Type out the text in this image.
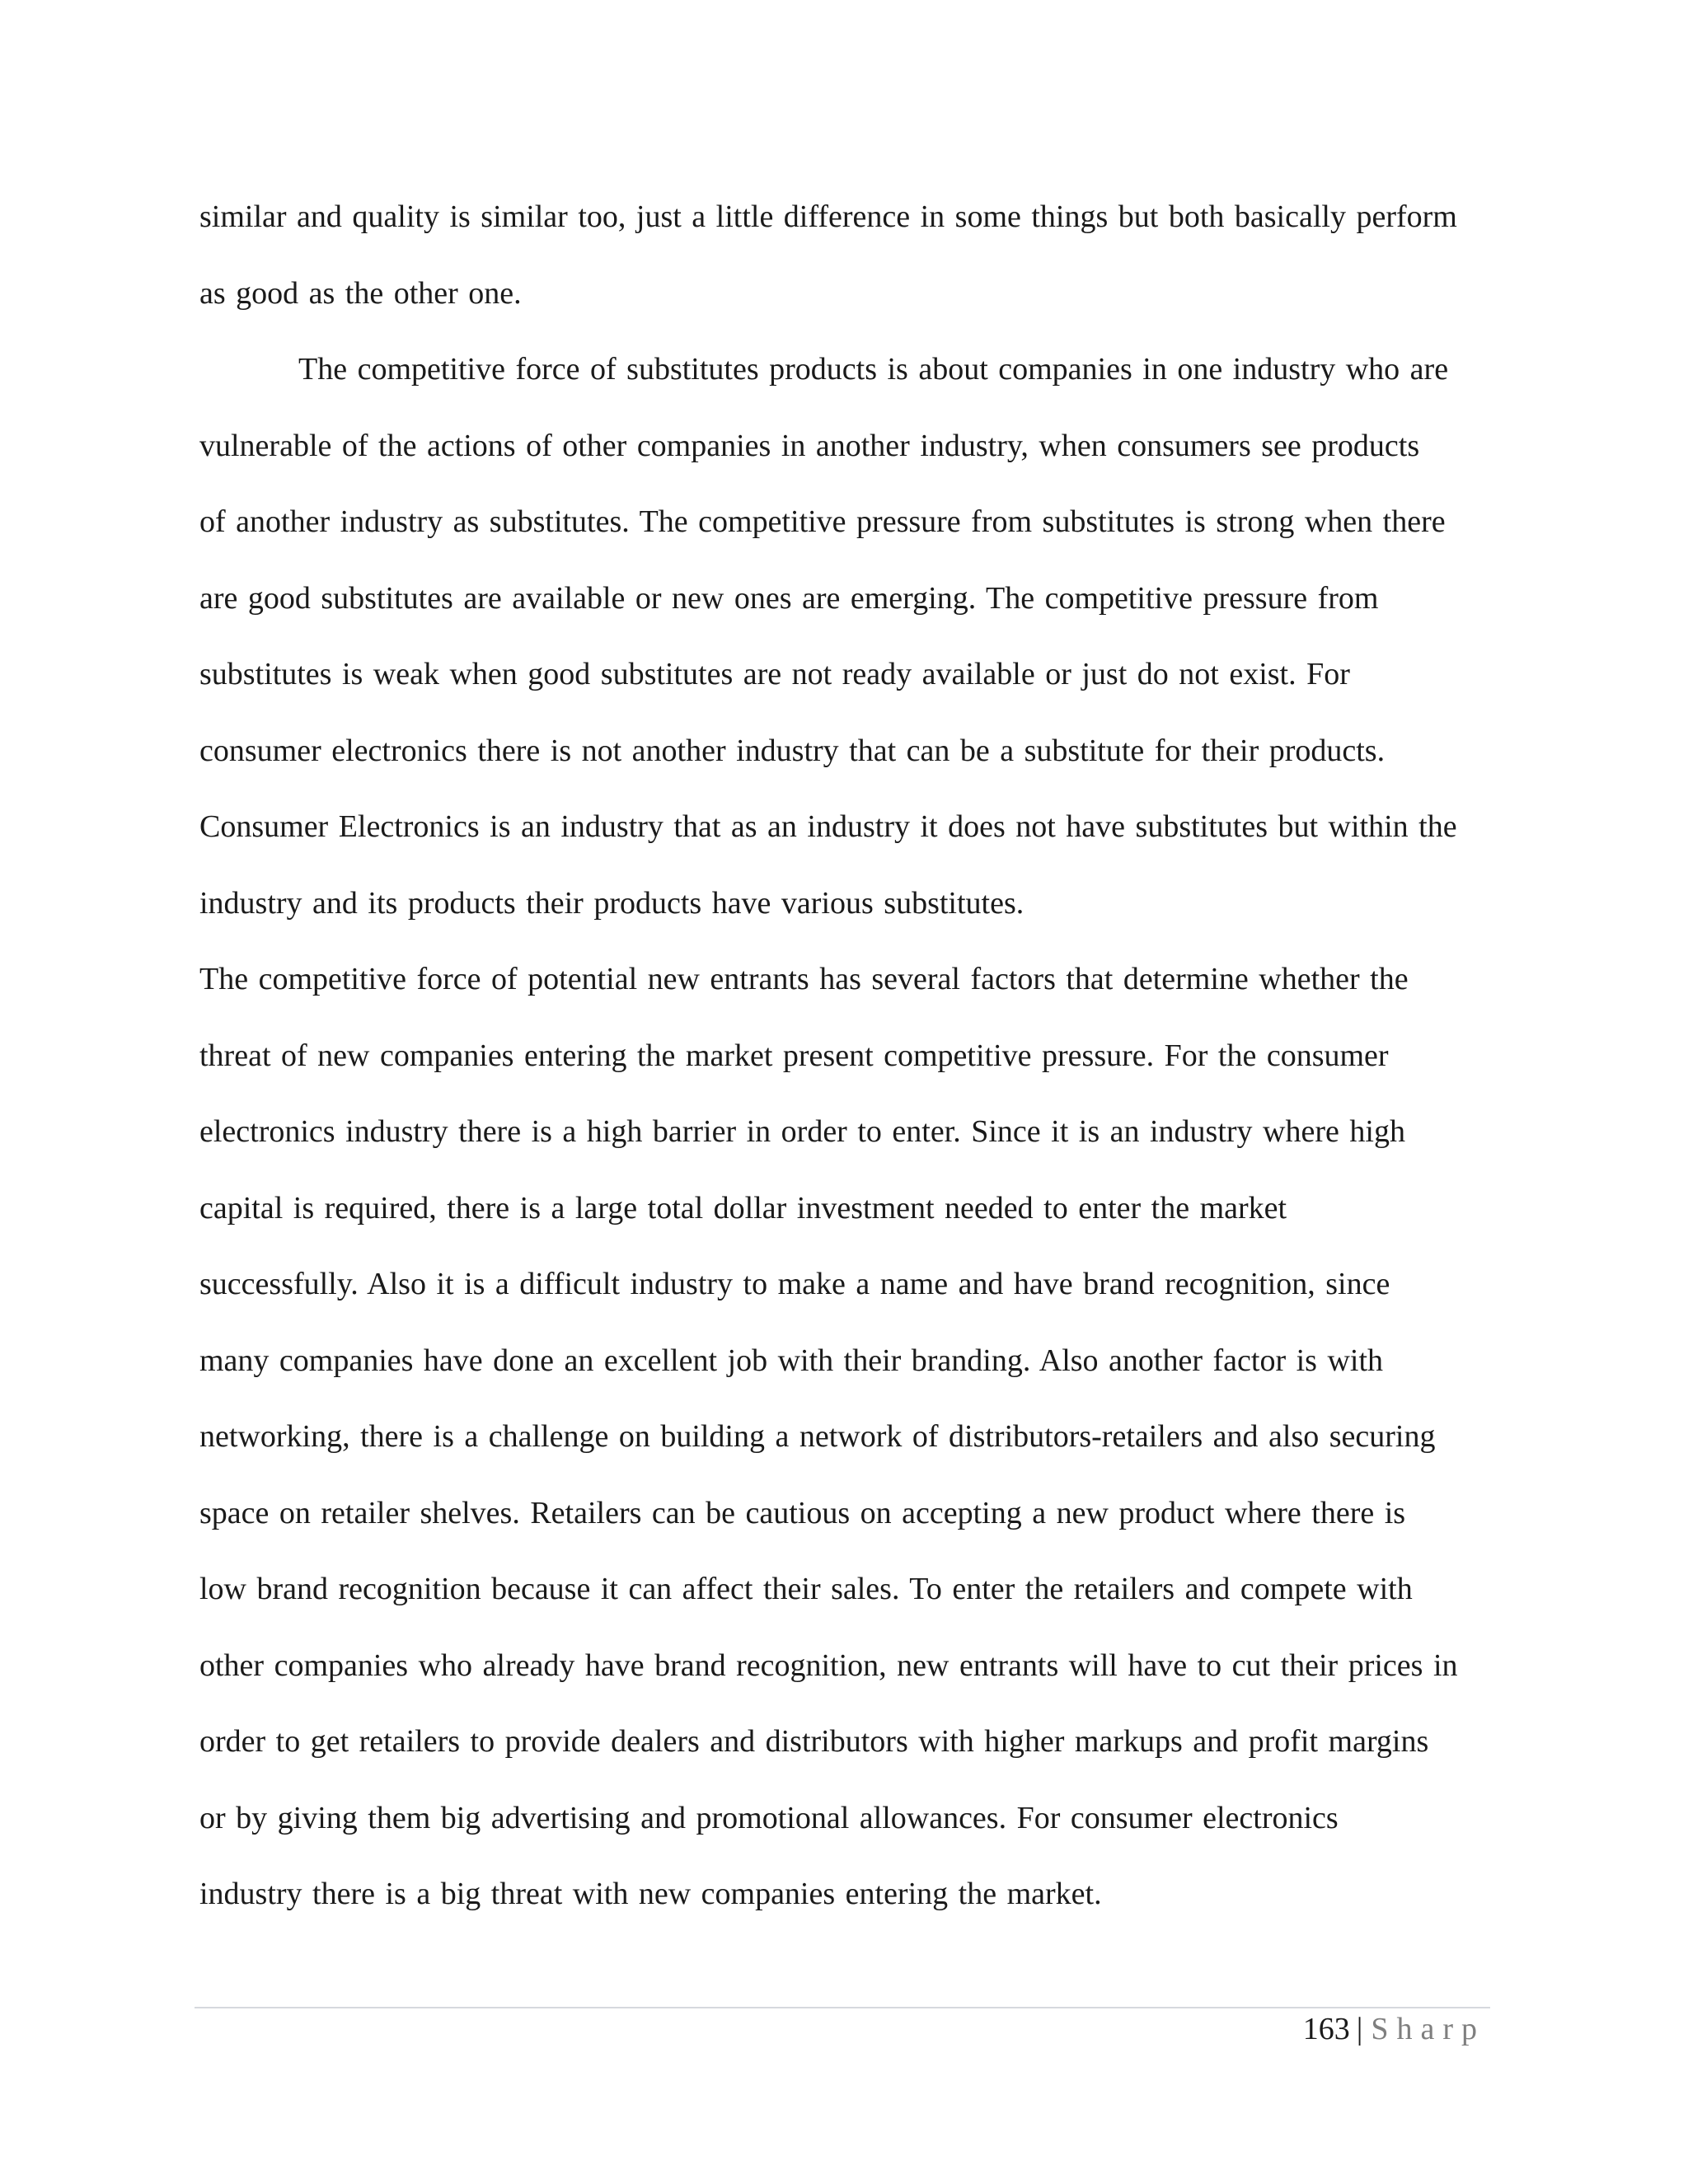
similar and quality is similar too, just a little difference in some things but both basically perform
as good as the other one.
The competitive force of substitutes products is about companies in one industry who are
vulnerable of the actions of other companies in another industry, when consumers see products
of another industry as substitutes. The competitive pressure from substitutes is strong when there
are good substitutes are available or new ones are emerging. The competitive pressure from
substitutes is weak when good substitutes are not ready available or just do not exist. For
consumer electronics there is not another industry that can be a substitute for their products.
Consumer Electronics is an industry that as an industry it does not have substitutes but within the
industry and its products their products have various substitutes.
The competitive force of potential new entrants has several factors that determine whether the
threat of new companies entering the market present competitive pressure. For the consumer
electronics industry there is a high barrier in order to enter. Since it is an industry where high
capital is required, there is a large total dollar investment needed to enter the market
successfully. Also it is a difficult industry to make a name and have brand recognition, since
many companies have done an excellent job with their branding. Also another factor is with
networking, there is a challenge on building a network of distributors-retailers and also securing
space on retailer shelves. Retailers can be cautious on accepting a new product where there is
low brand recognition because it can affect their sales. To enter the retailers and compete with
other companies who already have brand recognition, new entrants will have to cut their prices in
order to get retailers to provide dealers and distributors with higher markups and profit margins
or by giving them big advertising and promotional allowances. For consumer electronics
industry there is a big threat with new companies entering the market.
163 | Sharp
